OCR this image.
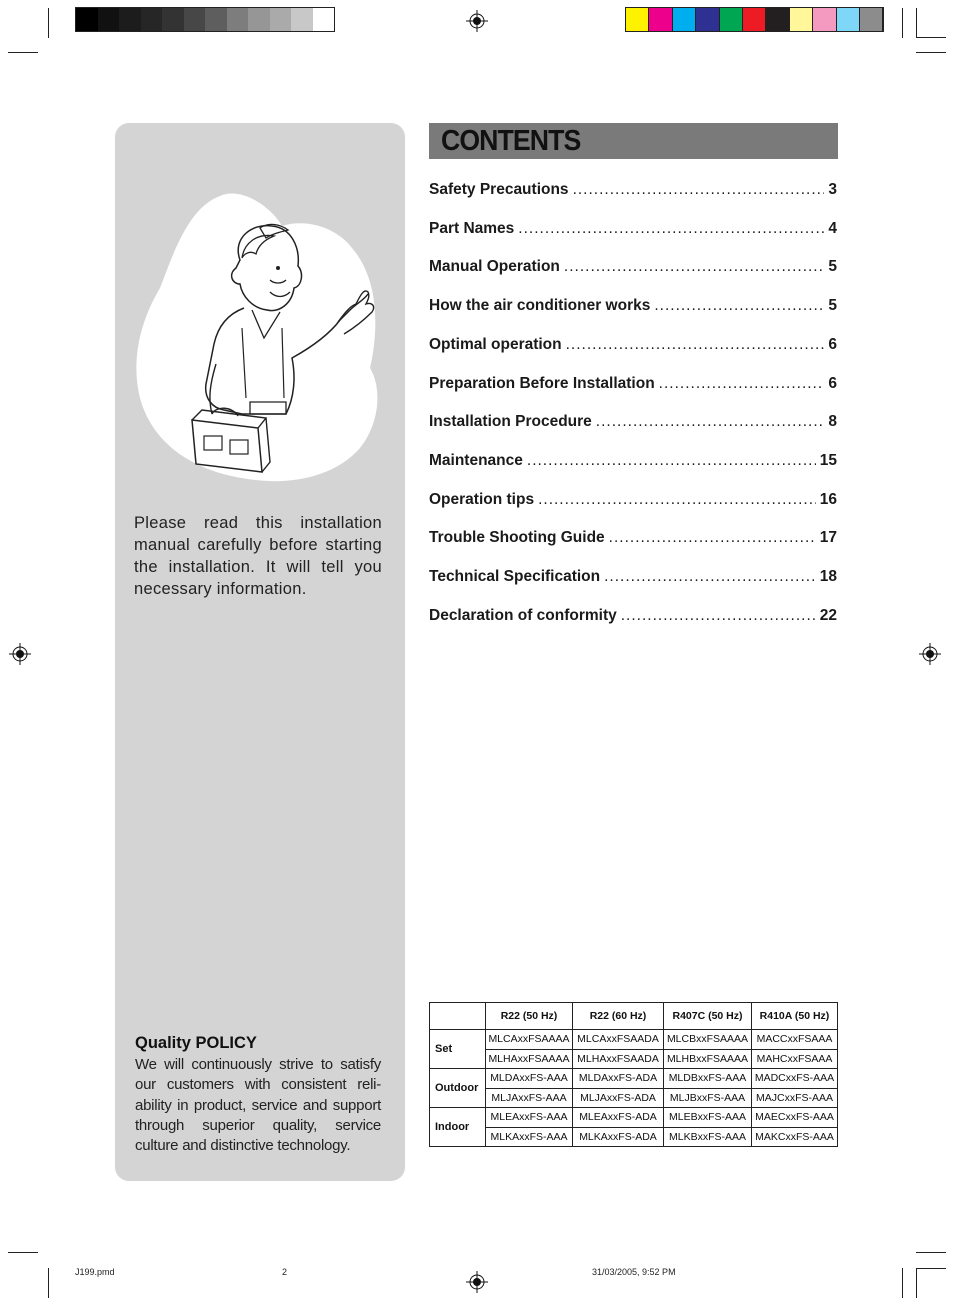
Please read this installation manual carefully before starting the installation. It will tell you necessary information.
Quality POLICY
We will continuously strive to satisfy our customers with consistent reli-ability in product, service and support through superior quality, service culture and distinctive technology.
CONTENTS
Safety Precautions .....	3
Part Names .....	4
Manual Operation .....	5
How the air conditioner works .....	5
Optimal operation .....	6
Preparation Before Installation .....	6
Installation Procedure .....	8
Maintenance .....	15
Operation tips .....	16
Trouble Shooting Guide .....	17
Technical Specification .....	18
Declaration of conformity .....	22
	R22 (50 Hz)	R22 (60 Hz)	R407C (50 Hz)	R410A (50 Hz)
Set	MLCAxxFSAAAA	MLCAxxFSAADA	MLCBxxFSAAAA	MACCxxFSAAA
	MLHAxxFSAAAA	MLHAxxFSAADA	MLHBxxFSAAAA	MAHCxxFSAAA
Outdoor	MLDAxxFS-AAA	MLDAxxFS-ADA	MLDBxxFS-AAA	MADCxxFS-AAA
	MLJAxxFS-AAA	MLJAxxFS-ADA	MLJBxxFS-AAA	MAJCxxFS-AAA
Indoor	MLEAxxFS-AAA	MLEAxxFS-ADA	MLEBxxFS-AAA	MAECxxFS-AAA
	MLKAxxFS-AAA	MLKAxxFS-ADA	MLKBxxFS-AAA	MAKCxxFS-AAA
J199.pmd	2	31/03/2005, 9:52 PM
